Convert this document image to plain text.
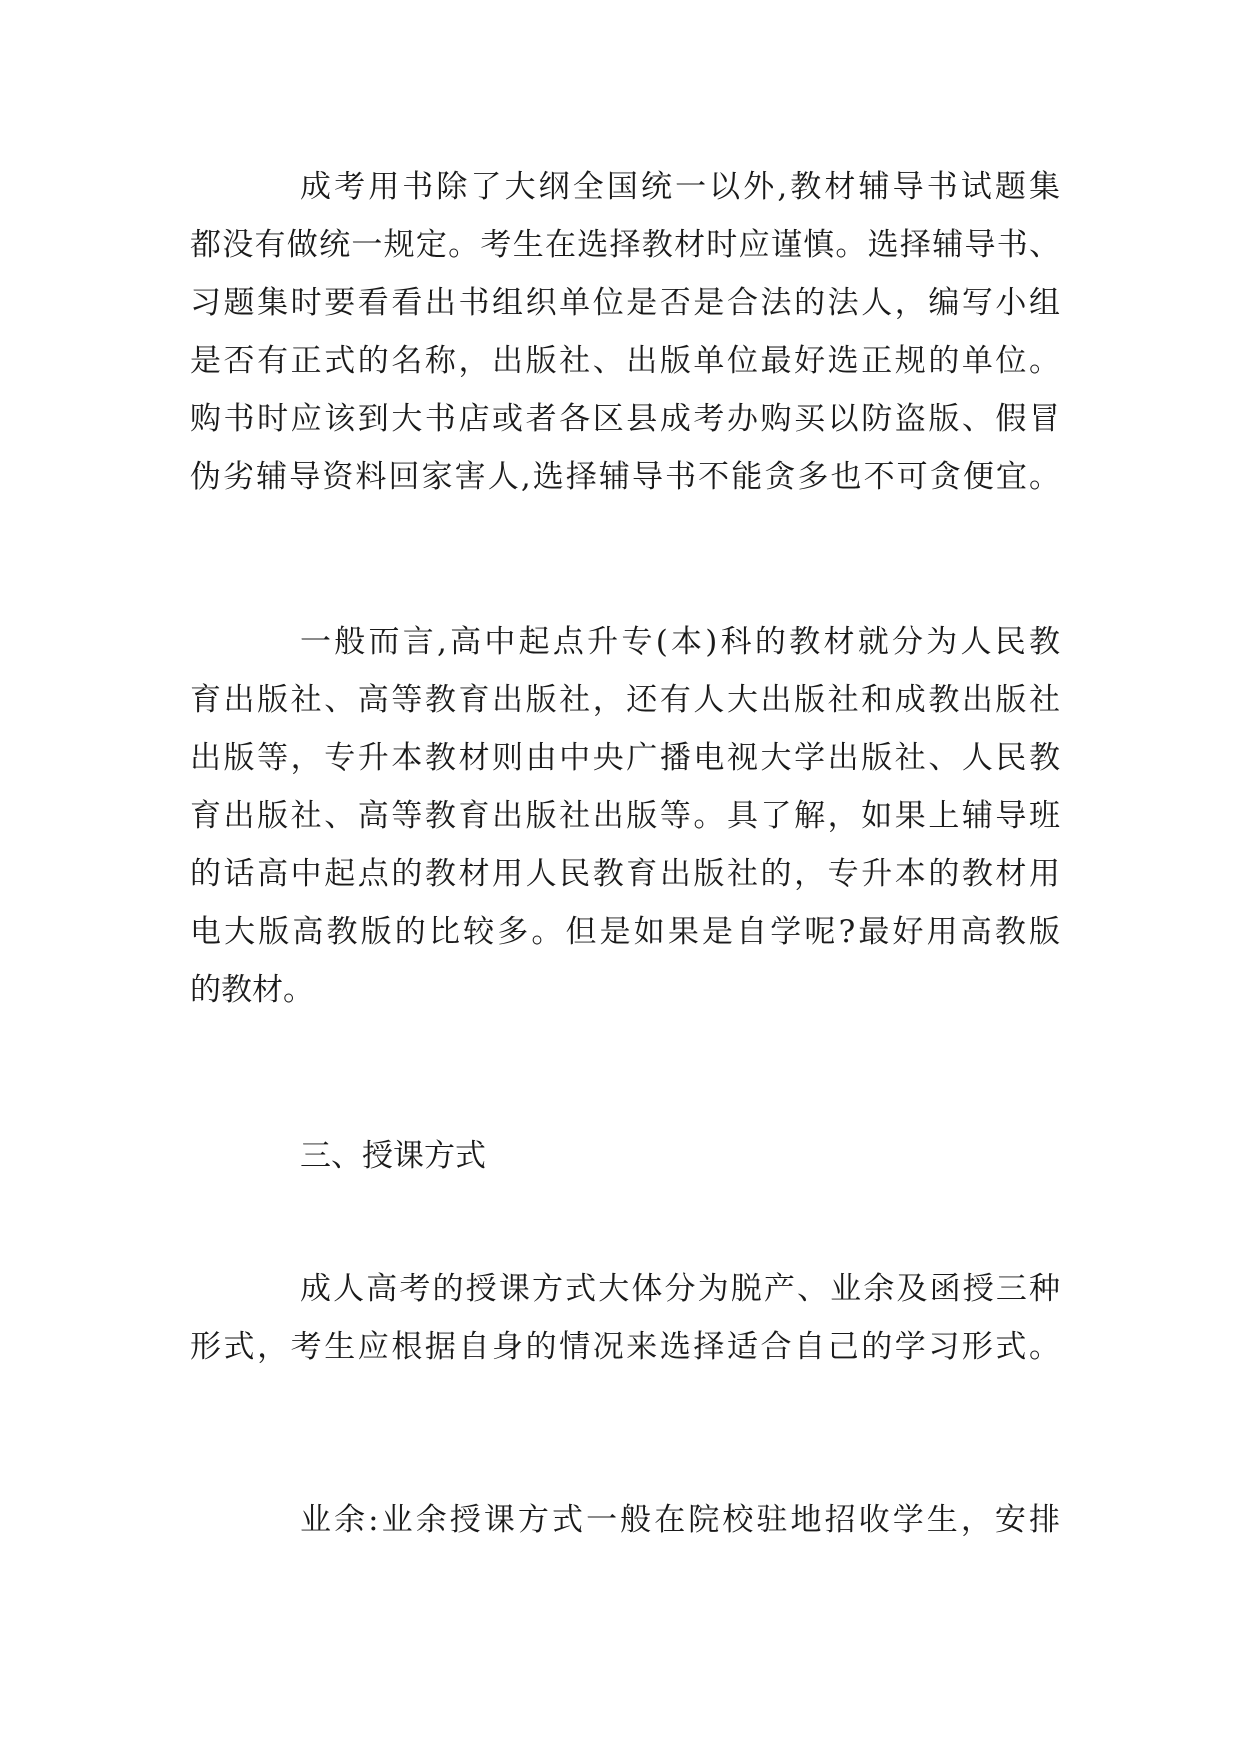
成考用书除了大纲全国统一以外,教材辅导书试题集
都没有做统一规定。考生在选择教材时应谨慎。选择辅导书、
习题集时要看看出书组织单位是否是合法的法人，编写小组
是否有正式的名称，出版社、出版单位最好选正规的单位。
购书时应该到大书店或者各区县成考办购买以防盗版、假冒
伪劣辅导资料回家害人,选择辅导书不能贪多也不可贪便宜。
一般而言,高中起点升专(本)科的教材就分为人民教
育出版社、高等教育出版社，还有人大出版社和成教出版社
出版等，专升本教材则由中央广播电视大学出版社、人民教
育出版社、高等教育出版社出版等。具了解，如果上辅导班
的话高中起点的教材用人民教育出版社的，专升本的教材用
电大版高教版的比较多。但是如果是自学呢?最好用高教版
的教材。
三、授课方式
成人高考的授课方式大体分为脱产、业余及函授三种
形式，考生应根据自身的情况来选择适合自己的学习形式。
业余:业余授课方式一般在院校驻地招收学生，安排
